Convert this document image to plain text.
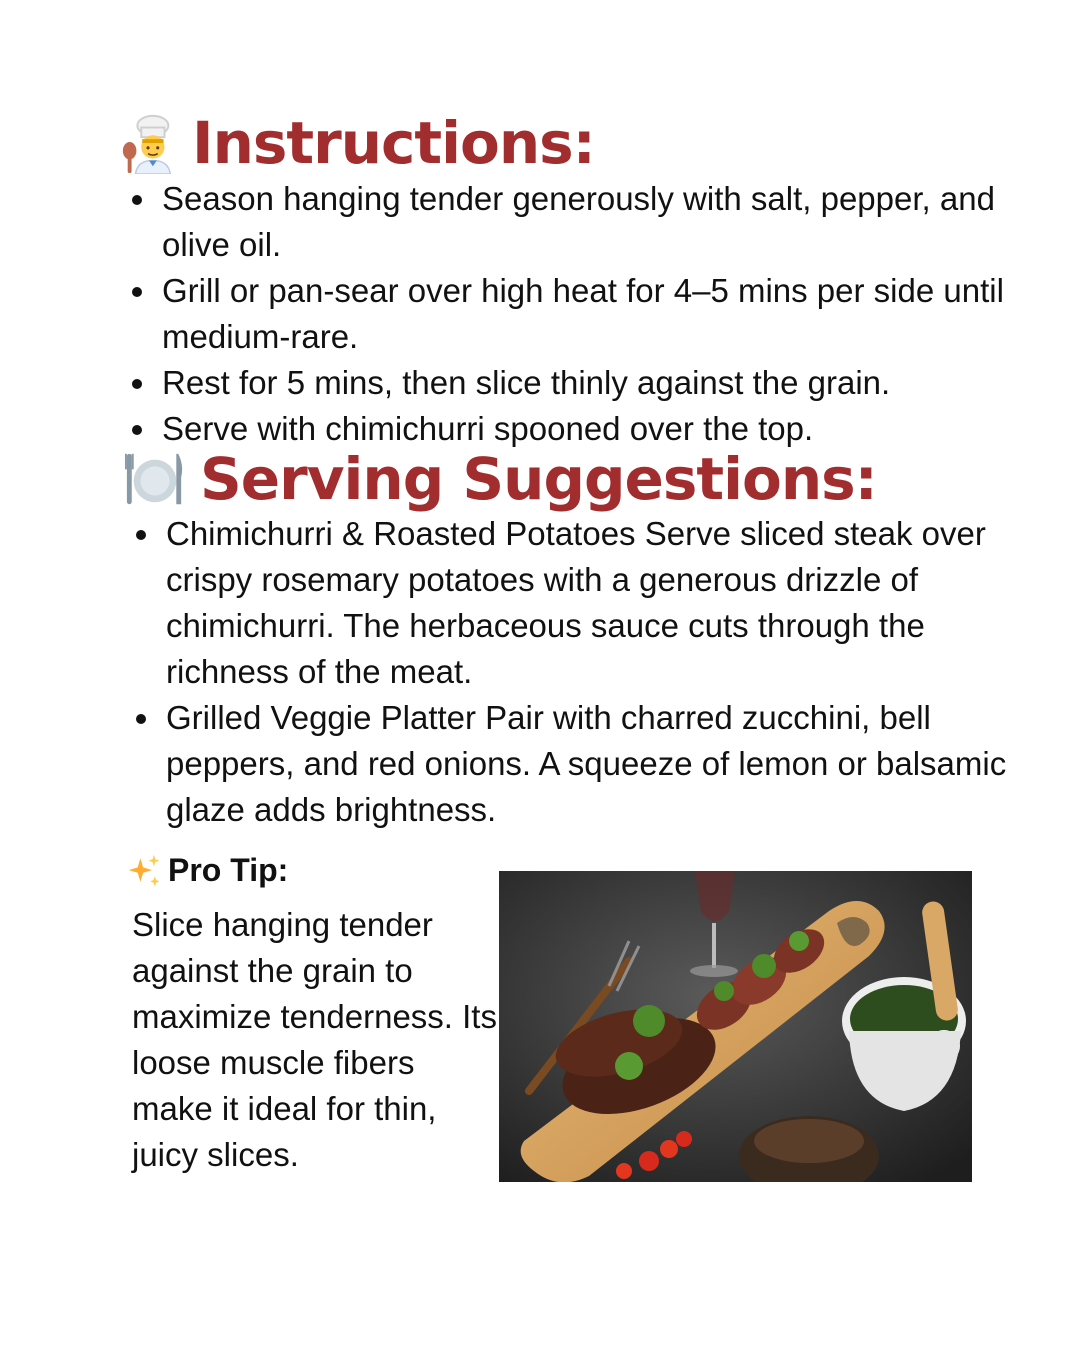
Instructions:
Season hanging tender generously with salt, pepper, and olive oil.
Grill or pan-sear over high heat for 4–5 mins per side until medium-rare.
Rest for 5 mins, then slice thinly against the grain.
Serve with chimichurri spooned over the top.
Serving Suggestions:
Chimichurri & Roasted Potatoes Serve sliced steak over crispy rosemary potatoes with a generous drizzle of chimichurri. The herbaceous sauce cuts through the richness of the meat.
Grilled Veggie Platter Pair with charred zucchini, bell peppers, and red onions. A squeeze of lemon or balsamic glaze adds brightness.
Pro Tip:

Slice hanging tender against the grain to maximize tenderness. Its loose muscle fibers make it ideal for thin, juicy slices.
